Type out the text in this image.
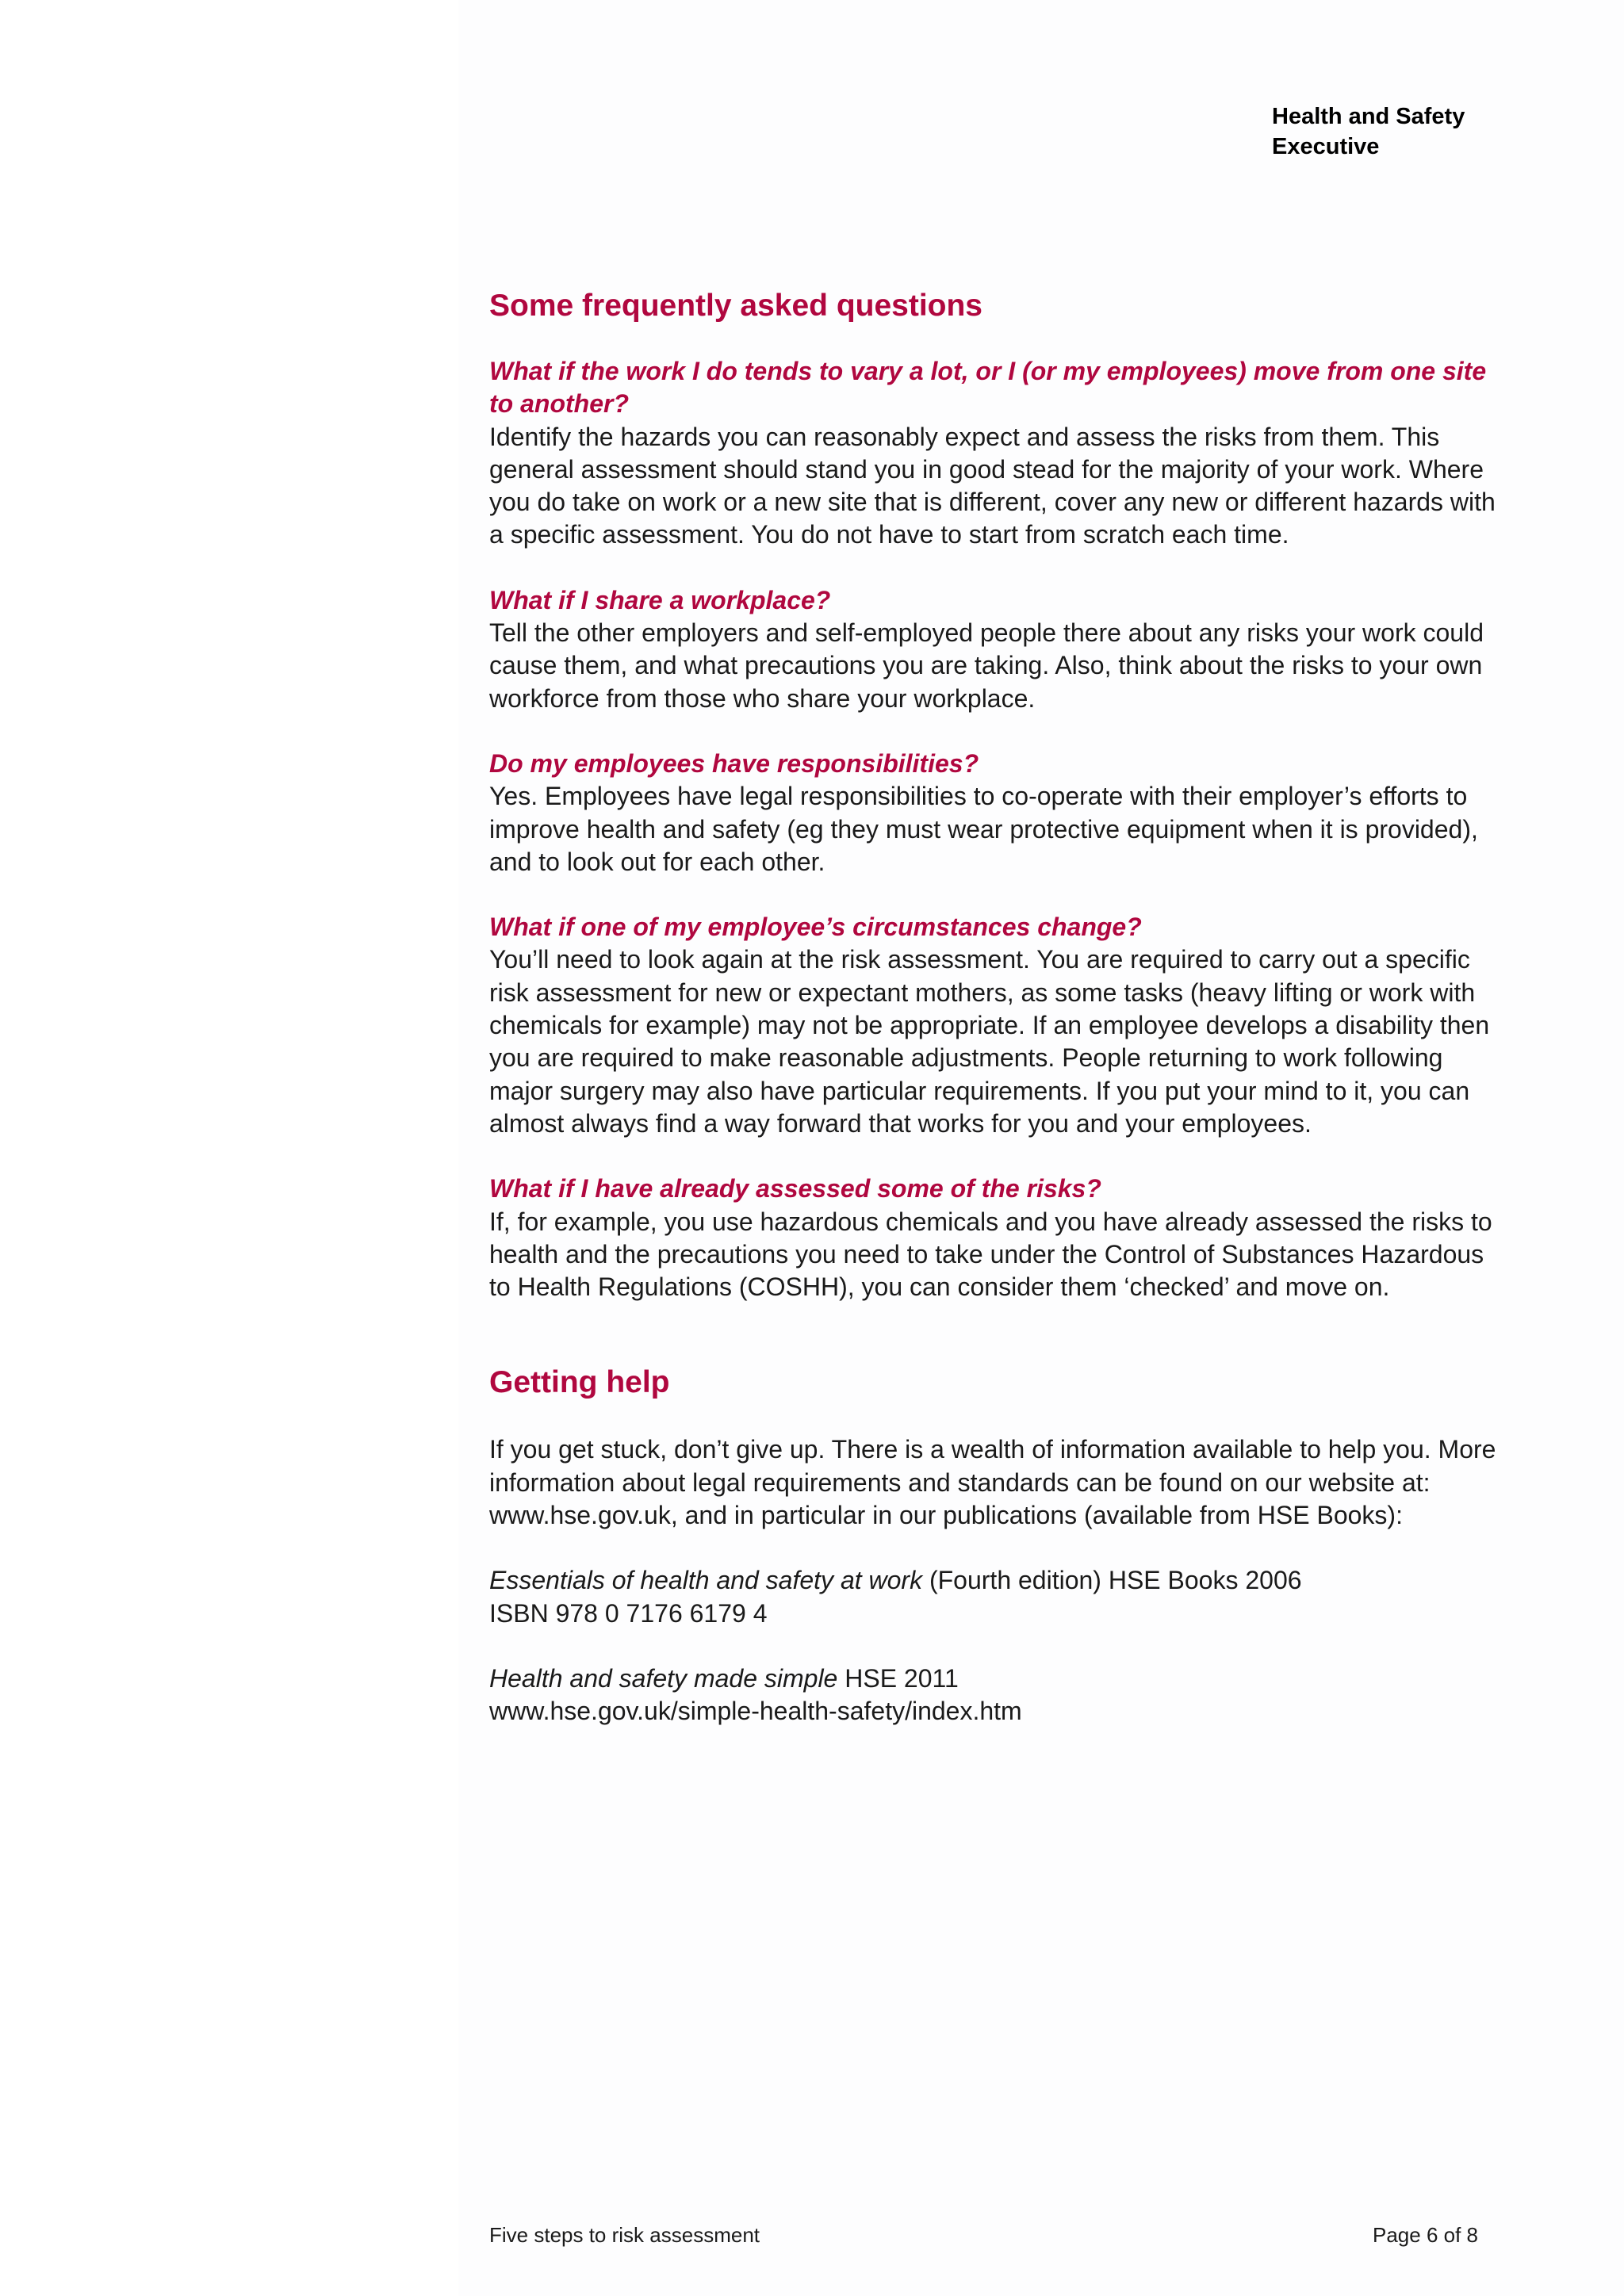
Health and Safety
Executive
Some frequently asked questions

What if the work I do tends to vary a lot, or I (or my employees) move from one site to another?

Identify the hazards you can reasonably expect and assess the risks from them. This general assessment should stand you in good stead for the majority of your work. Where you do take on work or a new site that is different, cover any new or different hazards with a specific assessment. You do not have to start from scratch each time.

What if I share a workplace?

Tell the other employers and self-employed people there about any risks your work could cause them, and what precautions you are taking. Also, think about the risks to your own workforce from those who share your workplace.

Do my employees have responsibilities?

Yes. Employees have legal responsibilities to co-operate with their employer’s efforts to improve health and safety (eg they must wear protective equipment when it is provided), and to look out for each other.

What if one of my employee’s circumstances change?

You’ll need to look again at the risk assessment. You are required to carry out a specific risk assessment for new or expectant mothers, as some tasks (heavy lifting or work with chemicals for example) may not be appropriate. If an employee develops a disability then you are required to make reasonable adjustments. People returning to work following major surgery may also have particular requirements. If you put your mind to it, you can almost always find a way forward that works for you and your employees.

What if I have already assessed some of the risks?

If, for example, you use hazardous chemicals and you have already assessed the risks to health and the precautions you need to take under the Control of Substances Hazardous to Health Regulations (COSHH), you can consider them ‘checked’ and move on.

Getting help

If you get stuck, don’t give up. There is a wealth of information available to help you. More information about legal requirements and standards can be found on our website at: www.hse.gov.uk, and in particular in our publications (available from HSE Books):

Essentials of health and safety at work (Fourth edition) HSE Books 2006
ISBN 978 0 7176 6179 4

Health and safety made simple HSE 2011
www.hse.gov.uk/simple-health-safety/index.htm

Five steps to risk assessment	Page 6 of 8
